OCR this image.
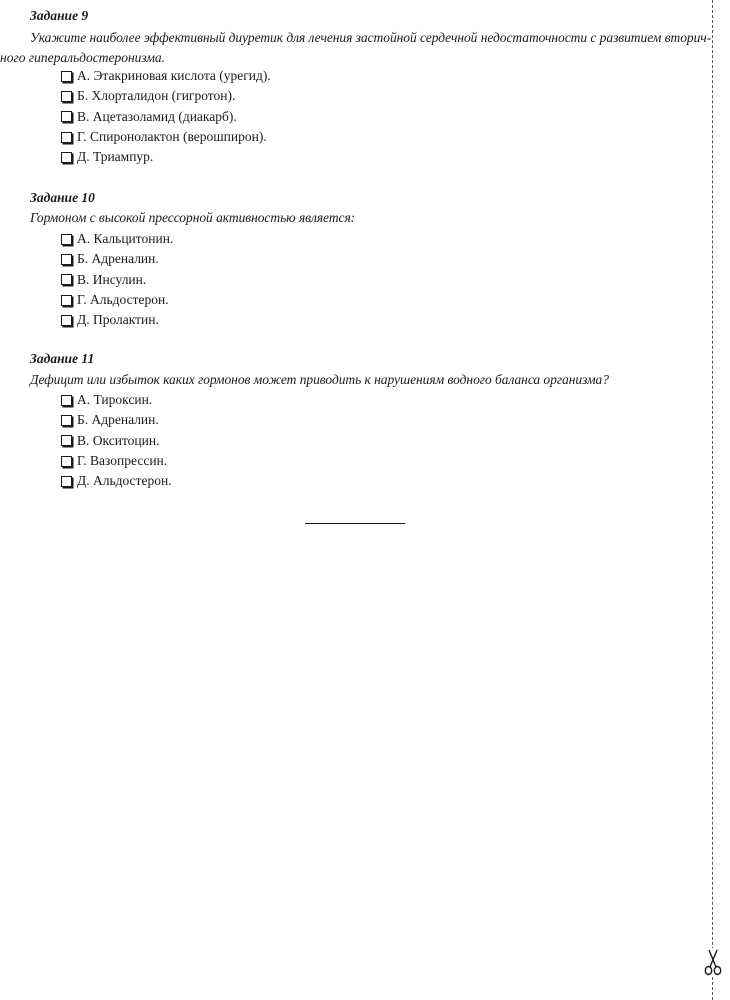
Задание 9
Укажите наиболее эффективный диуретик для лечения застойной сердечной недостаточности с развитием вторич-
ного гиперальдостеронизма.
А. Этакриновая кислота (урегид).
Б. Хлорталидон (гигротон).
В. Ацетазоламид (диакарб).
Г. Спиронолактон (верошпирон).
Д. Триампур.
Задание 10
Гормоном с высокой прессорной активностью является:
А. Кальцитонин.
Б. Адреналин.
В. Инсулин.
Г. Альдостерон.
Д. Пролактин.
Задание 11
Дефицит или избыток каких гормонов может приводить к нарушениям водного баланса организма?
А. Тироксин.
Б. Адреналин.
В. Окситоцин.
Г. Вазопрессин.
Д. Альдостерон.
